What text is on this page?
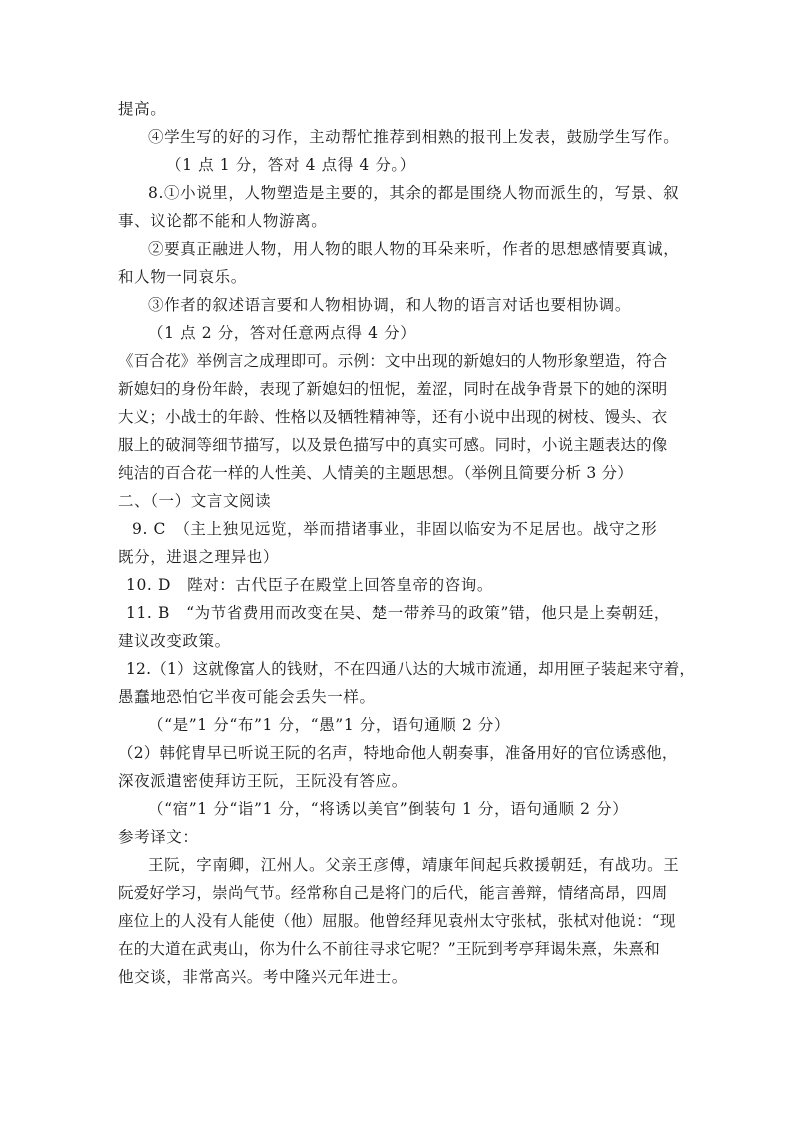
提高。
④学生写的好的习作，主动帮忙推荐到相熟的报刊上发表，鼓励学生写作。
（1 点 1 分，答对 4 点得 4 分。）
8.①小说里，人物塑造是主要的，其余的都是围绕人物而派生的，写景、叙
事、议论都不能和人物游离。
②要真正融进人物，用人物的眼人物的耳朵来听，作者的思想感情要真诚，
和人物一同哀乐。
③作者的叙述语言要和人物相协调，和人物的语言对话也要相协调。
（1 点 2 分，答对任意两点得 4 分）
《百合花》举例言之成理即可。示例：文中出现的新媳妇的人物形象塑造，符合
新媳妇的身份年龄，表现了新媳妇的忸怩，羞涩，同时在战争背景下的她的深明
大义；小战士的年龄、性格以及牺牲精神等，还有小说中出现的树枝、馒头、衣
服上的破洞等细节描写，以及景色描写中的真实可感。同时，小说主题表达的像
纯洁的百合花一样的人性美、人情美的主题思想。（举例且简要分析 3 分）
二、（一）文言文阅读
9. C　（主上独见远览，举而措诸事业，非固以临安为不足居也。战守之形
既分，进退之理异也）
10. D　陛对：古代臣子在殿堂上回答皇帝的咨询。
11. B　“为节省费用而改变在吴、楚一带养马的政策”错，他只是上奏朝廷，
建议改变政策。
12.（1）这就像富人的钱财，不在四通八达的大城市流通，却用匣子装起来守着，
愚蠢地恐怕它半夜可能会丢失一样。
（“是”1 分“布”1 分，“愚”1 分，语句通顺 2 分）
（2）韩侂胄早已听说王阮的名声，特地命他人朝奏事，准备用好的官位诱惑他，
深夜派遣密使拜访王阮，王阮没有答应。
（“宿”1 分“诣”1 分，“将诱以美官”倒装句 1 分，语句通顺 2 分）
参考译文：
王阮，字南卿，江州人。父亲王彦傅，靖康年间起兵救援朝廷，有战功。王
阮爱好学习，崇尚气节。经常称自己是将门的后代，能言善辩，情绪高昂，四周
座位上的人没有人能使（他）屈服。他曾经拜见袁州太守张栻，张栻对他说：“现
在的大道在武夷山，你为什么不前往寻求它呢？”王阮到考亭拜谒朱熹，朱熹和
他交谈，非常高兴。考中隆兴元年进士。
